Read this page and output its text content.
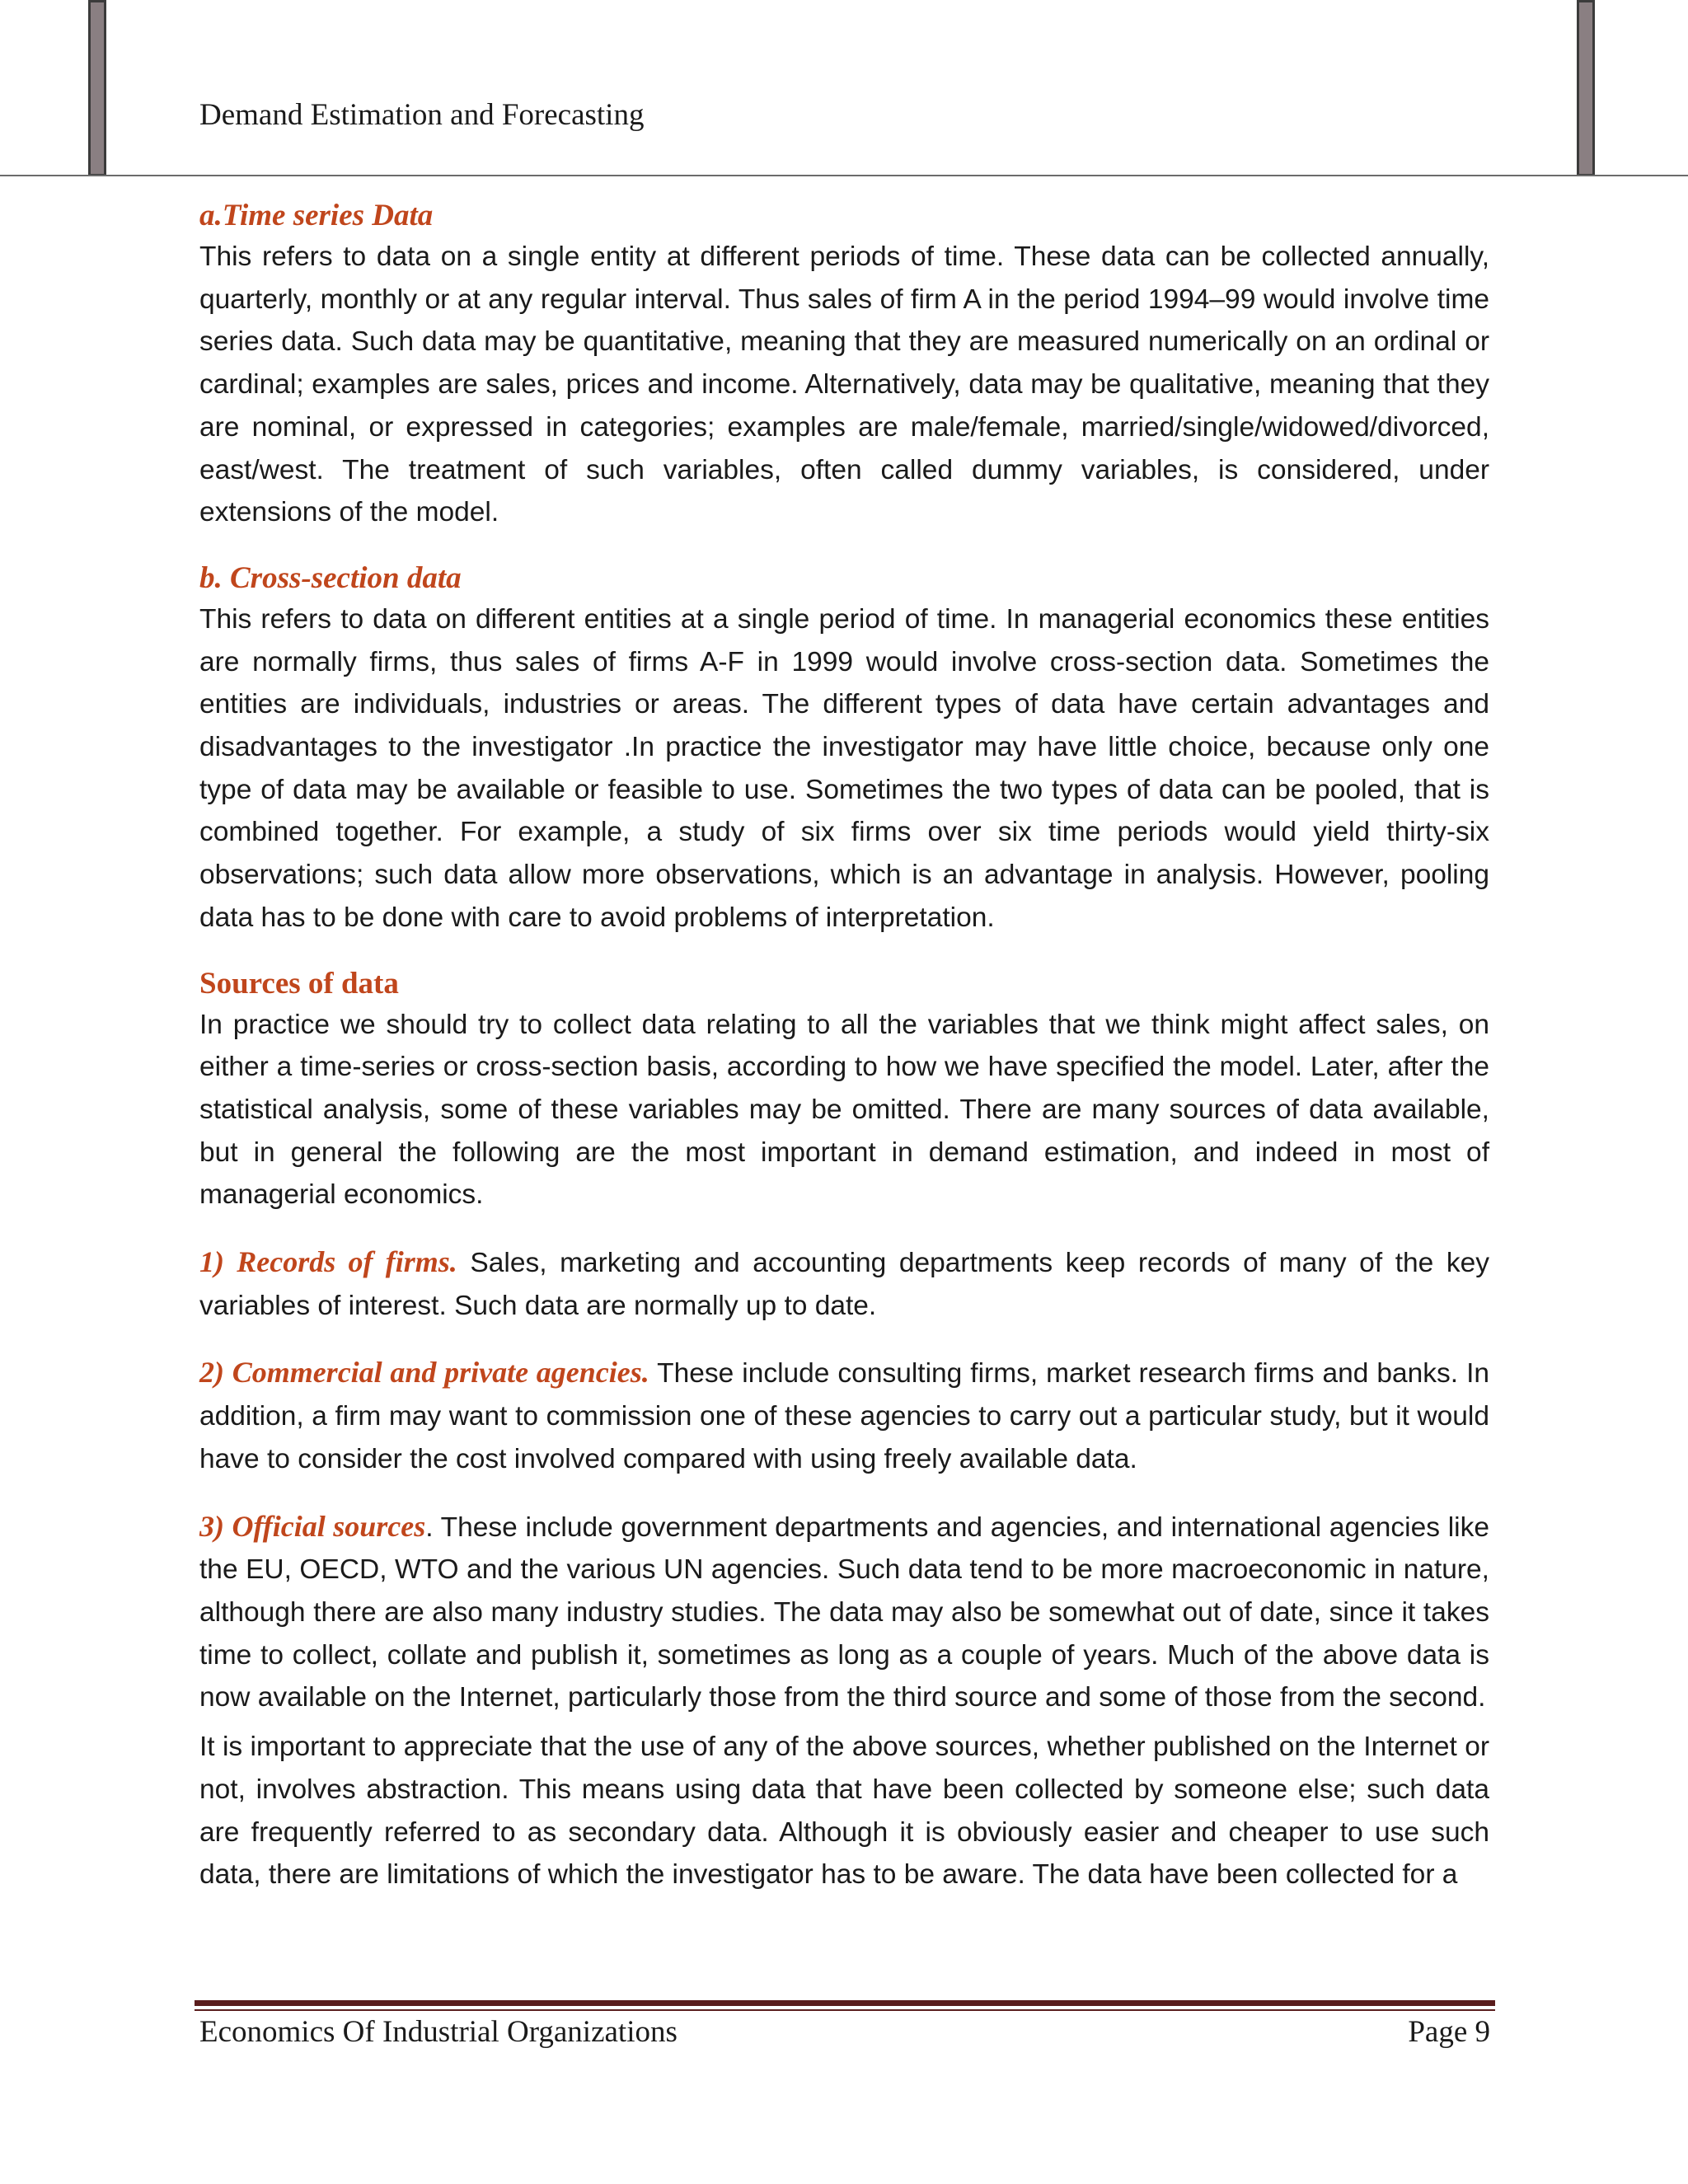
Demand Estimation and Forecasting
a.Time series Data

This refers to data on a single entity at different periods of time. These data can be collected annually, quarterly, monthly or at any regular interval. Thus sales of firm A in the period 1994–99 would involve time series data. Such data may be quantitative, meaning that they are measured numerically on an ordinal or cardinal; examples are sales, prices and income. Alternatively, data may be qualitative, meaning that they are nominal, or expressed in categories; examples are male/female, married/single/widowed/divorced, east/west. The treatment of such variables, often called dummy variables, is considered, under extensions of the model.

b. Cross-section data

This refers to data on different entities at a single period of time. In managerial economics these entities are normally firms, thus sales of firms A-F in 1999 would involve cross-section data. Sometimes the entities are individuals, industries or areas. The different types of data have certain advantages and disadvantages to the investigator .In practice the investigator may have little choice, because only one type of data may be available or feasible to use. Sometimes the two types of data can be pooled, that is combined together. For example, a study of six firms over six time periods would yield thirty-six observations; such data allow more observations, which is an advantage in analysis. However, pooling data has to be done with care to avoid problems of interpretation.

Sources of data

In practice we should try to collect data relating to all the variables that we think might affect sales, on either a time-series or cross-section basis, according to how we have specified the model. Later, after the statistical analysis, some of these variables may be omitted. There are many sources of data available, but in general the following are the most important in demand estimation, and indeed in most of managerial economics.

1) Records of firms. Sales, marketing and accounting departments keep records of many of the key variables of interest. Such data are normally up to date.

2) Commercial and private agencies. These include consulting firms, market research firms and banks. In addition, a firm may want to commission one of these agencies to carry out a particular study, but it would have to consider the cost involved compared with using freely available data.

3) Official sources. These include government departments and agencies, and international agencies like the EU, OECD, WTO and the various UN agencies. Such data tend to be more macroeconomic in nature, although there are also many industry studies. The data may also be somewhat out of date, since it takes time to collect, collate and publish it, sometimes as long as a couple of years. Much of the above data is now available on the Internet, particularly those from the third source and some of those from the second.

It is important to appreciate that the use of any of the above sources, whether published on the Internet or not, involves abstraction. This means using data that have been collected by someone else; such data are frequently referred to as secondary data. Although it is obviously easier and cheaper to use such data, there are limitations of which the investigator has to be aware. The data have been collected for a

Economics Of Industrial Organizations	Page 9
